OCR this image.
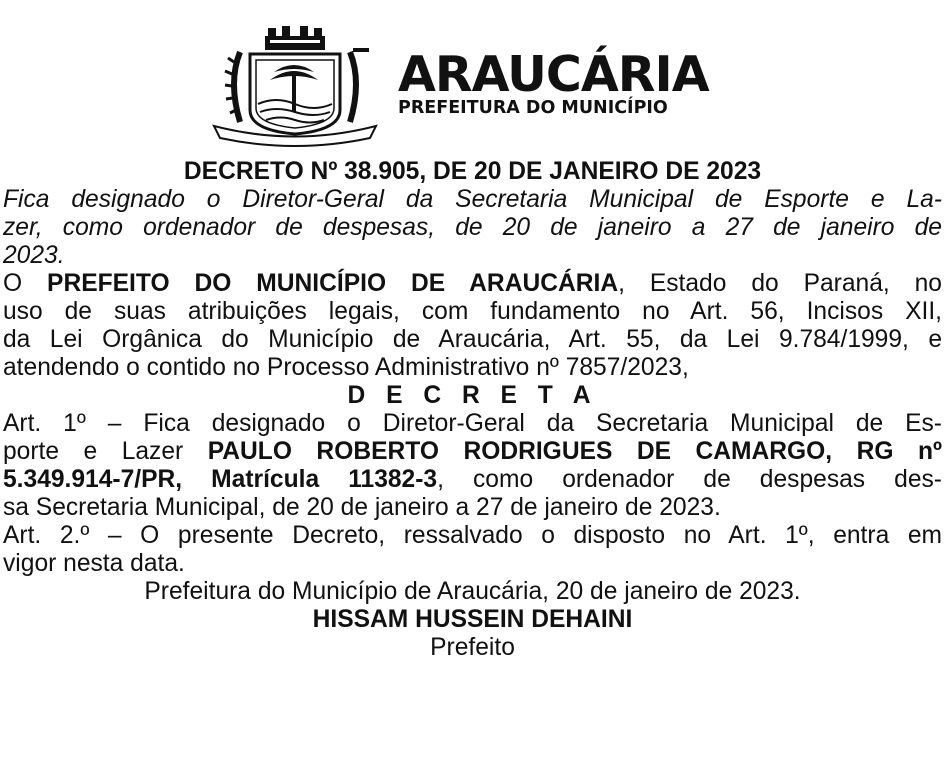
ARAUCÁRIA
PREFEITURA DO MUNICÍPIO
DECRETO Nº 38.905, DE 20 DE JANEIRO DE 2023
Fica designado o Diretor-Geral da Secretaria Municipal de Esporte e La-
zer, como ordenador de despesas, de 20 de janeiro a 27 de janeiro de
2023.
O PREFEITO DO MUNICÍPIO DE ARAUCÁRIA, Estado do Paraná, no
uso de suas atribuições legais, com fundamento no Art. 56, Incisos XII,
da Lei Orgânica do Município de Araucária, Art. 55, da Lei 9.784/1999, e
atendendo o contido no Processo Administrativo nº 7857/2023,
D E C R E T A
Art. 1º – Fica designado o Diretor-Geral da Secretaria Municipal de Es-
porte e Lazer PAULO ROBERTO RODRIGUES DE CAMARGO, RG nº
5.349.914-7/PR, Matrícula 11382-3, como ordenador de despesas des-
sa Secretaria Municipal, de 20 de janeiro a 27 de janeiro de 2023.
Art. 2.º – O presente Decreto, ressalvado o disposto no Art. 1º, entra em
vigor nesta data.
Prefeitura do Município de Araucária, 20 de janeiro de 2023.
HISSAM HUSSEIN DEHAINI
Prefeito
